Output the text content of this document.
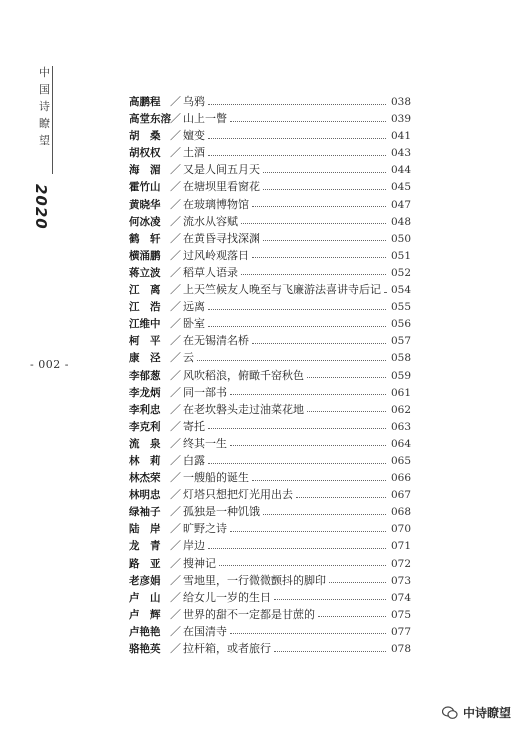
中国诗瞭望
2020
- 002 -
高鹏程 ／ 乌鸦	038
高堂东溶 ／ 山上一瞥	039
胡　桑 ／ 嬗变	041
胡权权 ／ 土酒	043
海　湄 ／ 又是人间五月天	044
霍竹山 ／ 在塘坝里看窗花	045
黄晓华 ／ 在玻璃博物馆	047
何冰凌 ／ 流水从容赋	048
鹤　轩 ／ 在黄昏寻找深渊	050
横涌鹏 ／ 过风岭观落日	051
蒋立波 ／ 稻草人语录	052
江　离 ／ 上天竺候友人晚至与飞廉游法喜讲寺后记 054
江　浩 ／ 远离	055
江维中 ／ 卧室	056
柯　平 ／ 在无锡清名桥	057
康　泾 ／ 云	058
李郁葱 ／ 风吹稻浪，俯瞰千窑秋色	059
李龙炳 ／ 同一部书	061
李利忠 ／ 在老坎磐头走过油菜花地	062
李克利 ／ 寄托	063
流　泉 ／ 终其一生	064
林　莉 ／ 白露	065
林杰荣 ／ 一艘船的诞生	066
林明忠 ／ 灯塔只想把灯光用出去	067
绿袖子 ／ 孤独是一种饥饿	068
陆　岸 ／ 旷野之诗	070
龙　青 ／ 岸边	071
路　亚 ／ 搜神记	072
老彦娟 ／ 雪地里，一行微微颤抖的脚印	073
卢　山 ／ 给女儿一岁的生日	074
卢　辉 ／ 世界的甜不一定都是甘蔗的	075
卢艳艳 ／ 在国清寺	077
骆艳英 ／ 拉杆箱，或者旅行	078
中诗瞭望
